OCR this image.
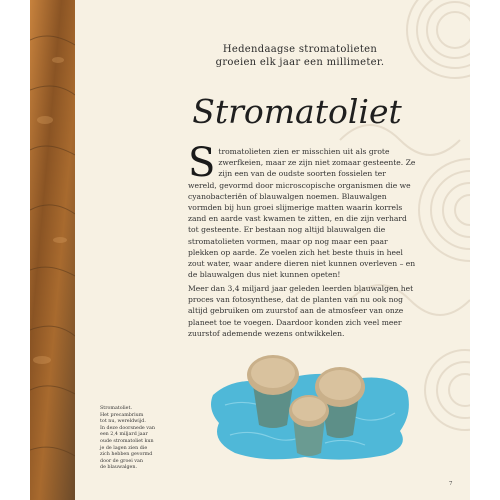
Hedendaagse stromatolieten
groeien elk jaar een millimeter.
Stromatoliet

Stromatolieten zien er misschien uit als grote zwerfkeien, maar ze zijn niet zomaar gesteente. Ze zijn een van de oudste soorten fossielen ter wereld, gevormd door microscopische organismen die we cyanobacteriën of blauwalgen noemen. Blauwalgen vormden bij hun groei slijmerige matten waarin korrels zand en aarde vast kwamen te zitten, en die zijn verhard tot gesteente. Er bestaan nog altijd blauwalgen die stromatolieten vormen, maar op nog maar een paar plekken op aarde. Ze voelen zich het beste thuis in heel zout water, waar andere dieren niet kunnen overleven – en de blauwalgen dus niet kunnen opeten!

Meer dan 3,4 miljard jaar geleden leerden blauwalgen het proces van fotosynthese, dat de planten van nu ook nog altijd gebruiken om zuurstof aan de atmosfeer van onze planeet toe te voegen. Daardoor konden zich veel meer zuurstof ademende wezens ontwikkelen.

Stromatoliet.
Het precambrium
tot nu, wereldwijd.
In deze doorsnede van
een 2,4 miljard jaar
oude stromatoliet kun
je de lagen zien die
zich hebben gevormd
door de groei van
de blauwalgen.
7
